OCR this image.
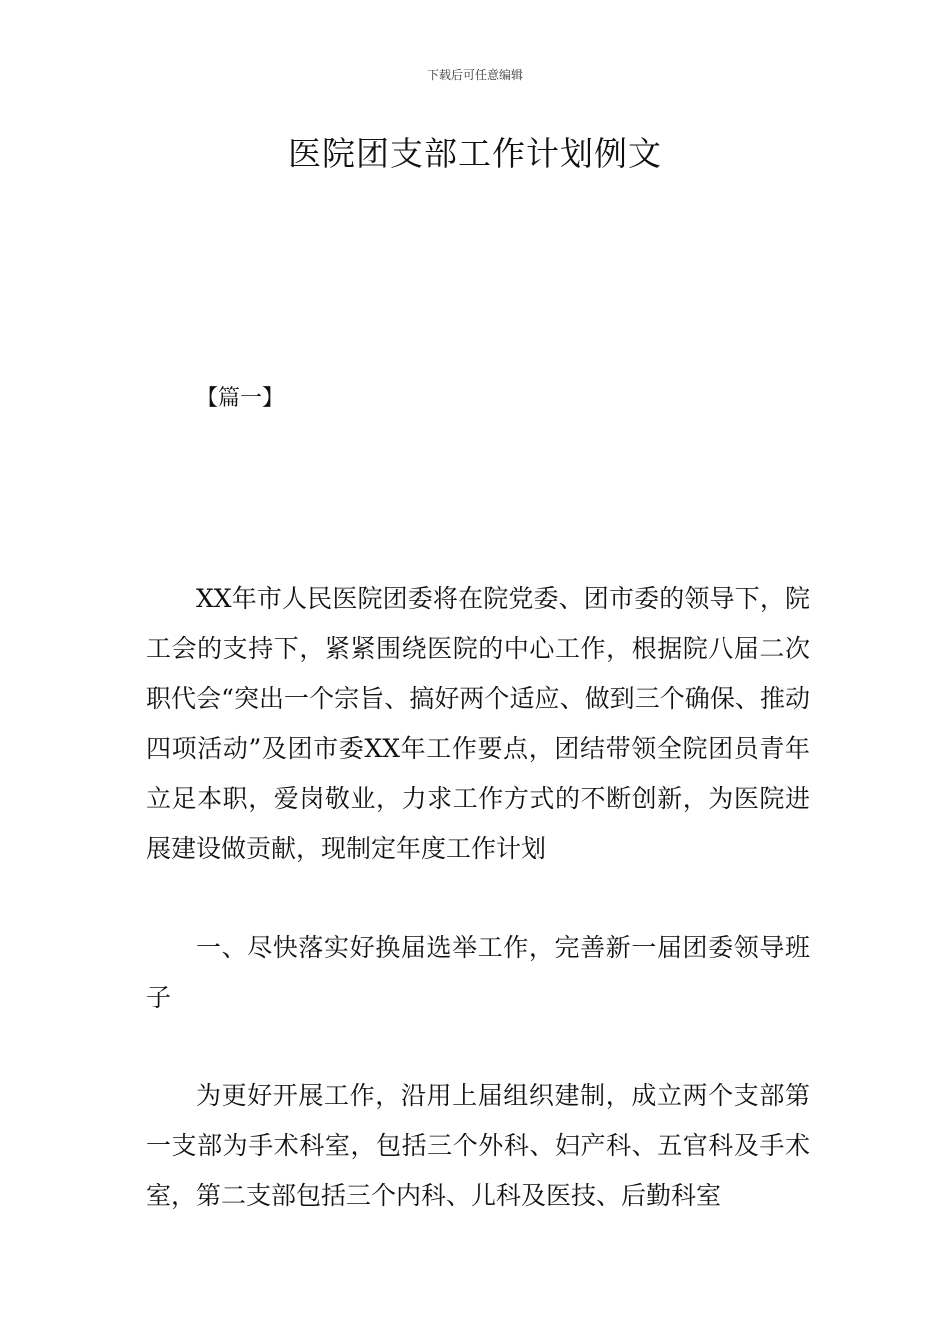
下载后可任意编辑
医院团支部工作计划例文
【篇一】

XX年市人民医院团委将在院党委、团市委的领导下，院工会的支持下，紧紧围绕医院的中心工作，根据院八届二次职代会“突出一个宗旨、搞好两个适应、做到三个确保、推动四项活动”及团市委XX年工作要点，团结带领全院团员青年立足本职，爱岗敬业，力求工作方式的不断创新，为医院进展建设做贡献，现制定年度工作计划

一、尽快落实好换届选举工作，完善新一届团委领导班子

为更好开展工作，沿用上届组织建制，成立两个支部第一支部为手术科室，包括三个外科、妇产科、五官科及手术室，第二支部包括三个内科、儿科及医技、后勤科室
